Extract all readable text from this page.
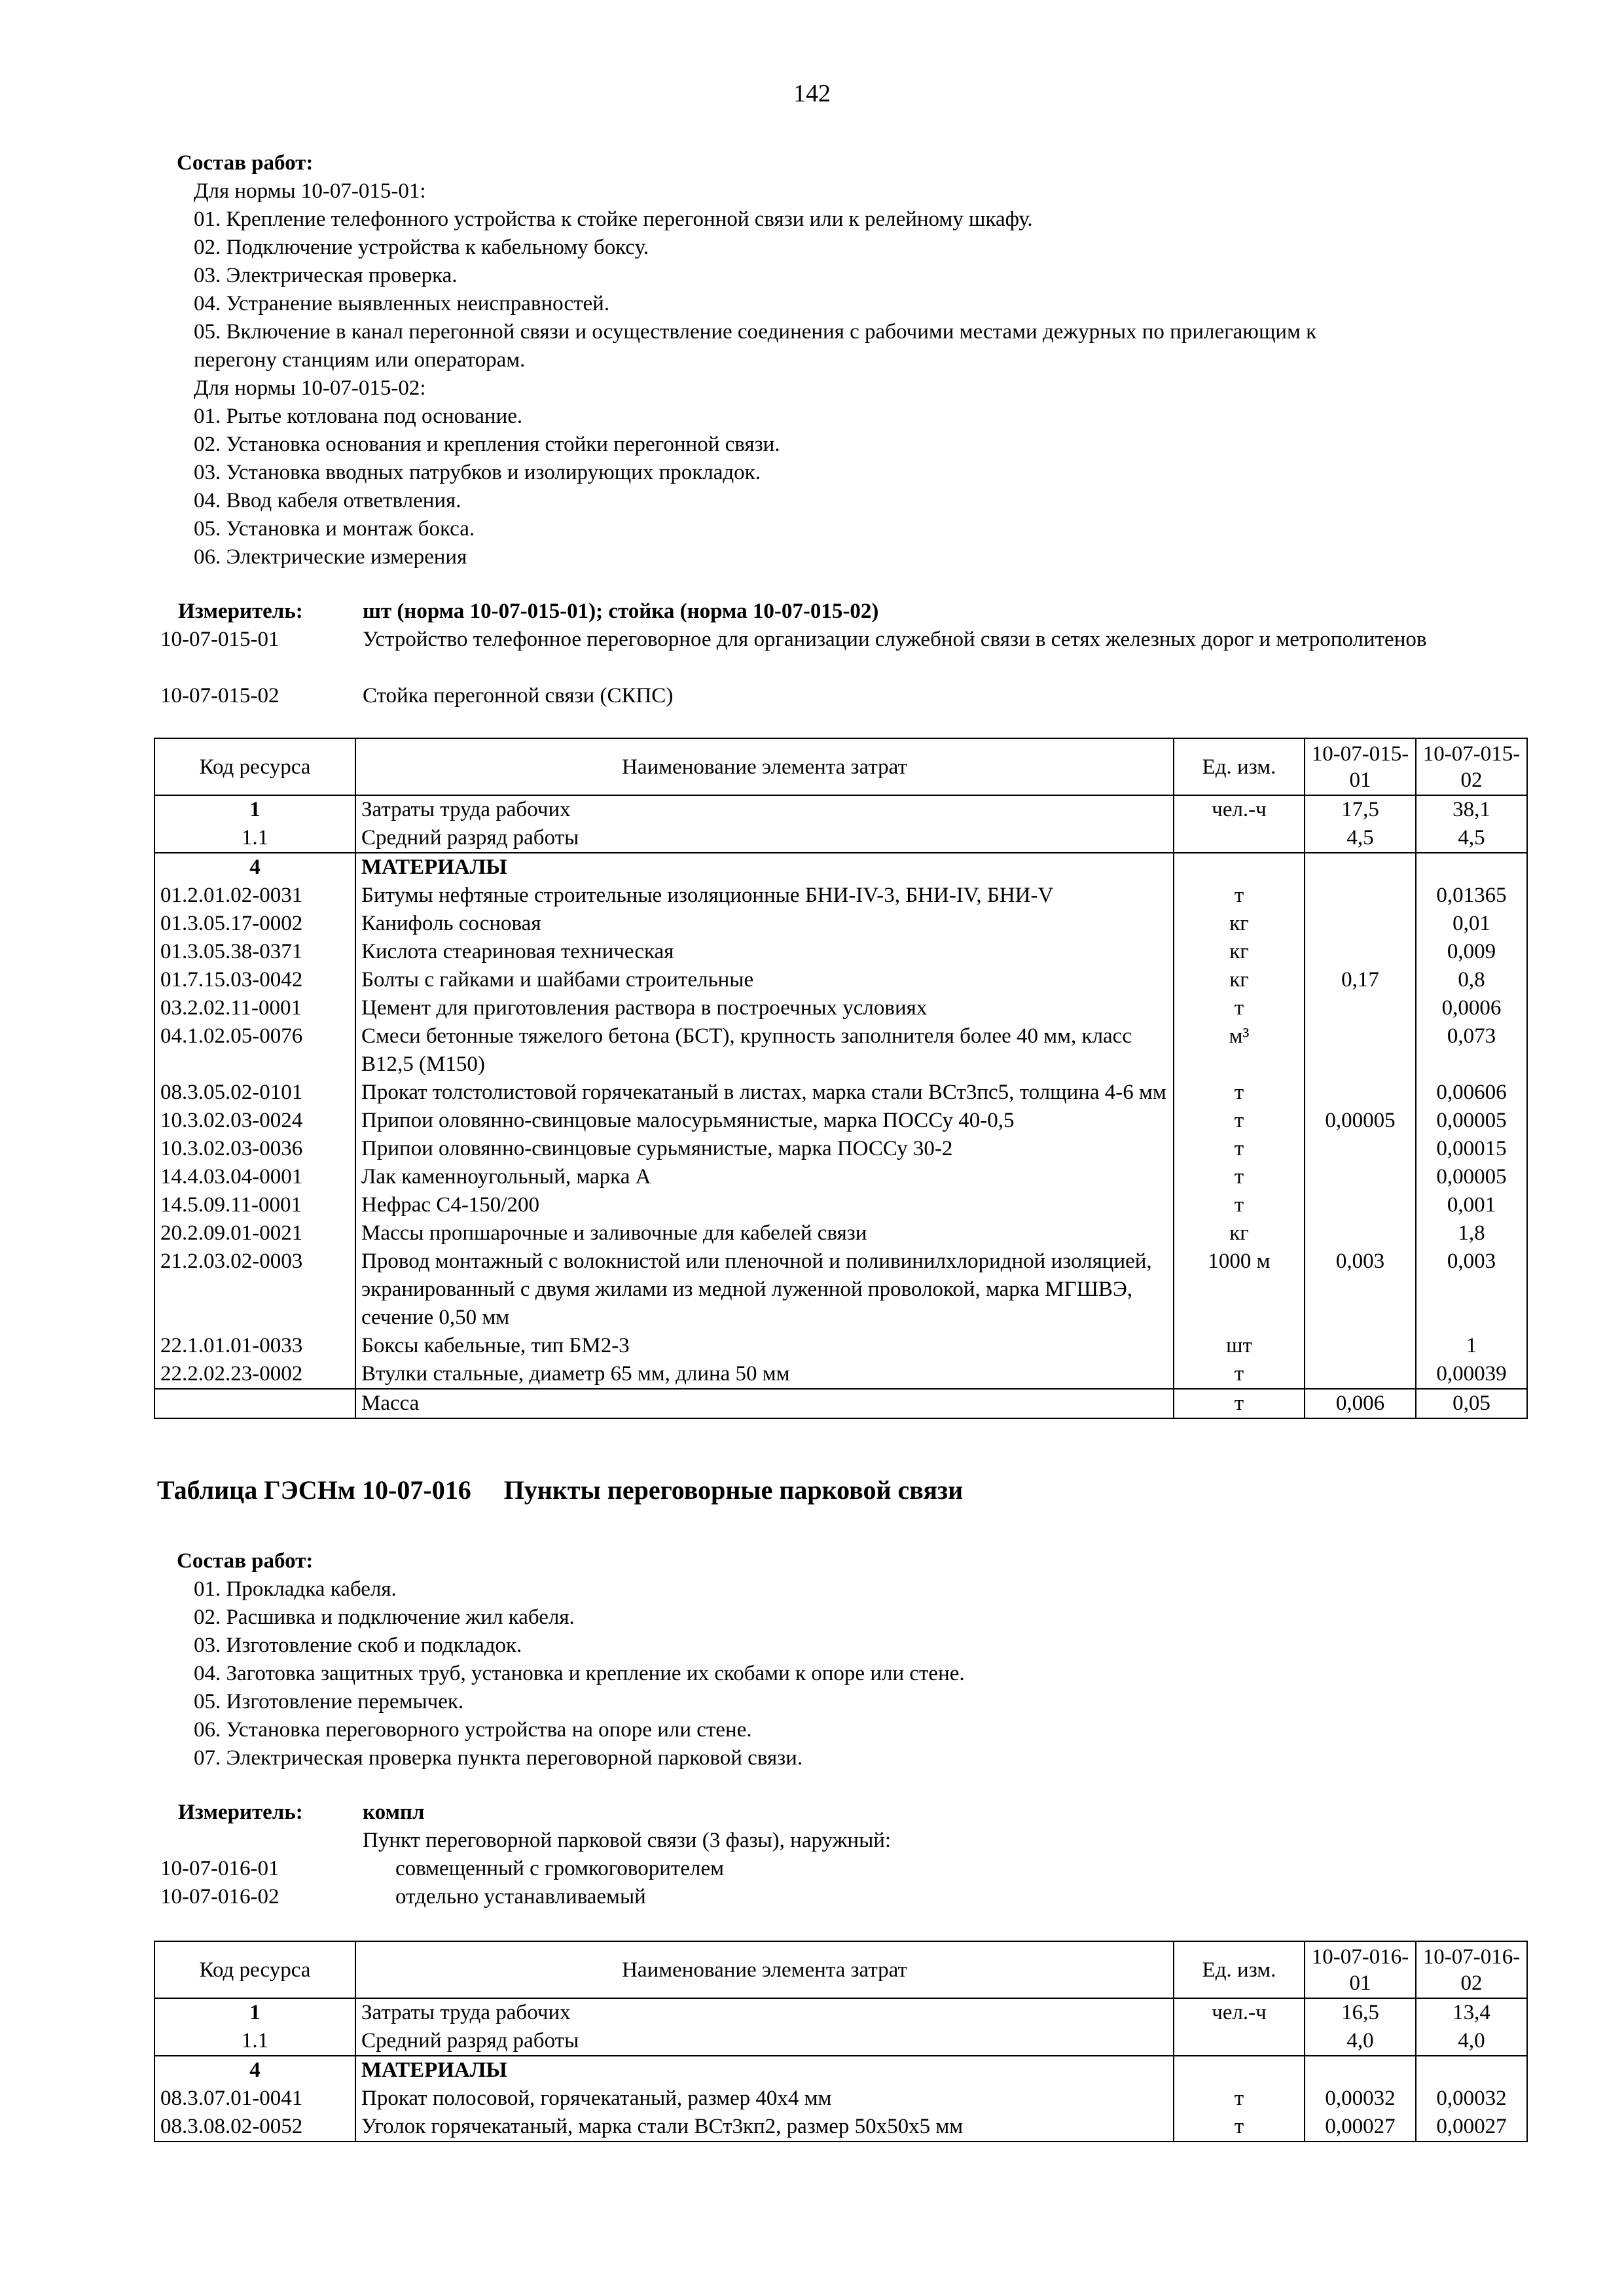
142
Состав работ:
Для нормы 10-07-015-01:
01. Крепление телефонного устройства к стойке перегонной связи или к релейному шкафу.
02. Подключение устройства к кабельному боксу.
03. Электрическая проверка.
04. Устранение выявленных неисправностей.
05. Включение в канал перегонной связи и осуществление соединения с рабочими местами дежурных по прилегающим к
перегону станциям или операторам.
Для нормы 10-07-015-02:
01. Рытье котлована под основание.
02. Установка основания и крепления стойки перегонной связи.
03. Установка вводных патрубков и изолирующих прокладок.
04. Ввод кабеля ответвления.
05. Установка и монтаж бокса.
06. Электрические измерения
Измеритель:	шт (норма 10-07-015-01); стойка (норма 10-07-015-02)
10-07-015-01	Устройство телефонное переговорное для организации служебной связи в сетях железных дорог и метрополитенов
10-07-015-02	Стойка перегонной связи (СКПС)
Код ресурса	Наименование элемента затрат	Ед. изм.	10-07-015-01	10-07-015-02
1	Затраты труда рабочих	чел.-ч	17,5	38,1
1.1	Средний разряд работы		4,5	4,5
4	МАТЕРИАЛЫ			
01.2.01.02-0031	Битумы нефтяные строительные изоляционные БНИ-IV-3, БНИ-IV, БНИ-V	т		0,01365
01.3.05.17-0002	Канифоль сосновая	кг		0,01
01.3.05.38-0371	Кислота стеариновая техническая	кг		0,009
01.7.15.03-0042	Болты с гайками и шайбами строительные	кг	0,17	0,8
03.2.02.11-0001	Цемент для приготовления раствора в построечных условиях	т		0,0006
04.1.02.05-0076	Смеси бетонные тяжелого бетона (БСТ), крупность заполнителя более 40 мм, класс В12,5 (М150)	м³		0,073
08.3.05.02-0101	Прокат толстолистовой горячекатаный в листах, марка стали ВСт3пс5, толщина 4-6 мм	т		0,00606
10.3.02.03-0024	Припои оловянно-свинцовые малосурьмянистые, марка ПОССу 40-0,5	т	0,00005	0,00005
10.3.02.03-0036	Припои оловянно-свинцовые сурьмянистые, марка ПОССу 30-2	т		0,00015
14.4.03.04-0001	Лак каменноугольный, марка А	т		0,00005
14.5.09.11-0001	Нефрас С4-150/200	т		0,001
20.2.09.01-0021	Массы пропшарочные и заливочные для кабелей связи	кг		1,8
21.2.03.02-0003	Провод монтажный с волокнистой или пленочной и поливинилхлоридной изоляцией, экранированный с двумя жилами из медной луженной проволокой, марка МГШВЭ, сечение 0,50 мм	1000 м	0,003	0,003
22.1.01.01-0033	Боксы кабельные, тип БМ2-3	шт		1
22.2.02.23-0002	Втулки стальные, диаметр 65 мм, длина 50 мм	т		0,00039
	Масса	т	0,006	0,05
Таблица ГЭСНм 10-07-016 Пункты переговорные парковой связи
Состав работ:
01. Прокладка кабеля.
02. Расшивка и подключение жил кабеля.
03. Изготовление скоб и подкладок.
04. Заготовка защитных труб, установка и крепление их скобами к опоре или стене.
05. Изготовление перемычек.
06. Установка переговорного устройства на опоре или стене.
07. Электрическая проверка пункта переговорной парковой связи.
Измеритель:	компл
Пункт переговорной парковой связи (3 фазы), наружный:
10-07-016-01	совмещенный с громкоговорителем
10-07-016-02	отдельно устанавливаемый
Код ресурса	Наименование элемента затрат	Ед. изм.	10-07-016-01	10-07-016-02
1	Затраты труда рабочих	чел.-ч	16,5	13,4
1.1	Средний разряд работы		4,0	4,0
4	МАТЕРИАЛЫ			
08.3.07.01-0041	Прокат полосовой, горячекатаный, размер 40х4 мм	т	0,00032	0,00032
08.3.08.02-0052	Уголок горячекатаный, марка стали ВСт3кп2, размер 50х50х5 мм	т	0,00027	0,00027
